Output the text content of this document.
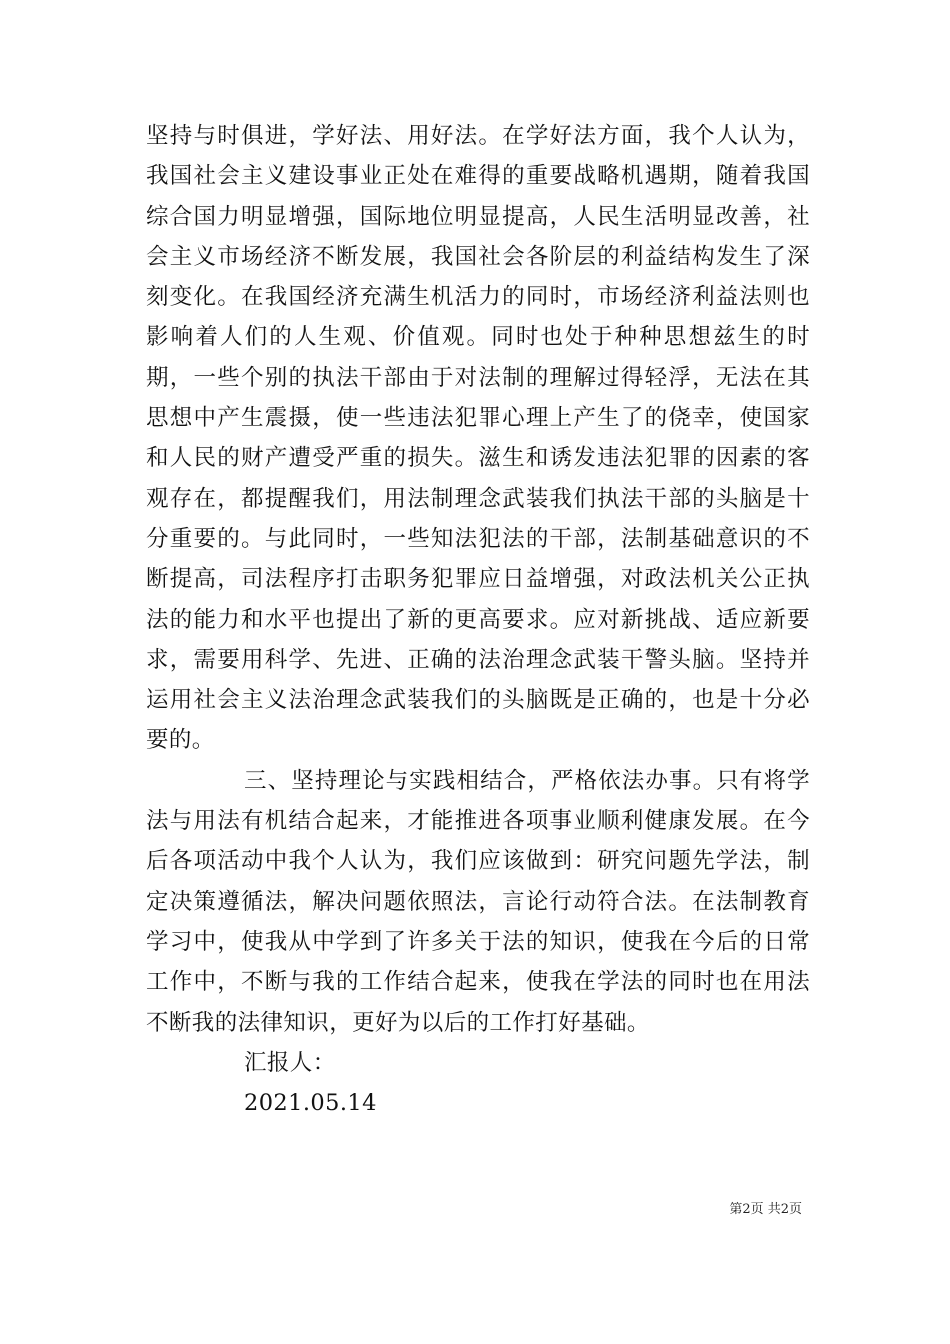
坚持与时俱进，学好法、用好法。在学好法方面，我个人认为，我国社会主义建设事业正处在难得的重要战略机遇期，随着我国综合国力明显增强，国际地位明显提高，人民生活明显改善，社会主义市场经济不断发展，我国社会各阶层的利益结构发生了深刻变化。在我国经济充满生机活力的同时，市场经济利益法则也影响着人们的人生观、价值观。同时也处于种种思想兹生的时期，一些个别的执法干部由于对法制的理解过得轻浮，无法在其思想中产生震摄，使一些违法犯罪心理上产生了的侥幸，使国家和人民的财产遭受严重的损失。滋生和诱发违法犯罪的因素的客观存在，都提醒我们，用法制理念武装我们执法干部的头脑是十分重要的。与此同时，一些知法犯法的干部，法制基础意识的不断提高，司法程序打击职务犯罪应日益增强，对政法机关公正执法的能力和水平也提出了新的更高要求。应对新挑战、适应新要求，需要用科学、先进、正确的法治理念武装干警头脑。坚持并运用社会主义法治理念武装我们的头脑既是正确的，也是十分必要的。

三、坚持理论与实践相结合，严格依法办事。只有将学法与用法有机结合起来，才能推进各项事业顺利健康发展。在今后各项活动中我个人认为，我们应该做到：研究问题先学法，制定决策遵循法，解决问题依照法，言论行动符合法。在法制教育学习中，使我从中学到了许多关于法的知识，使我在今后的日常工作中，不断与我的工作结合起来，使我在学法的同时也在用法不断我的法律知识，更好为以后的工作打好基础。

汇报人：

2021.05.14

第2页 共2页
